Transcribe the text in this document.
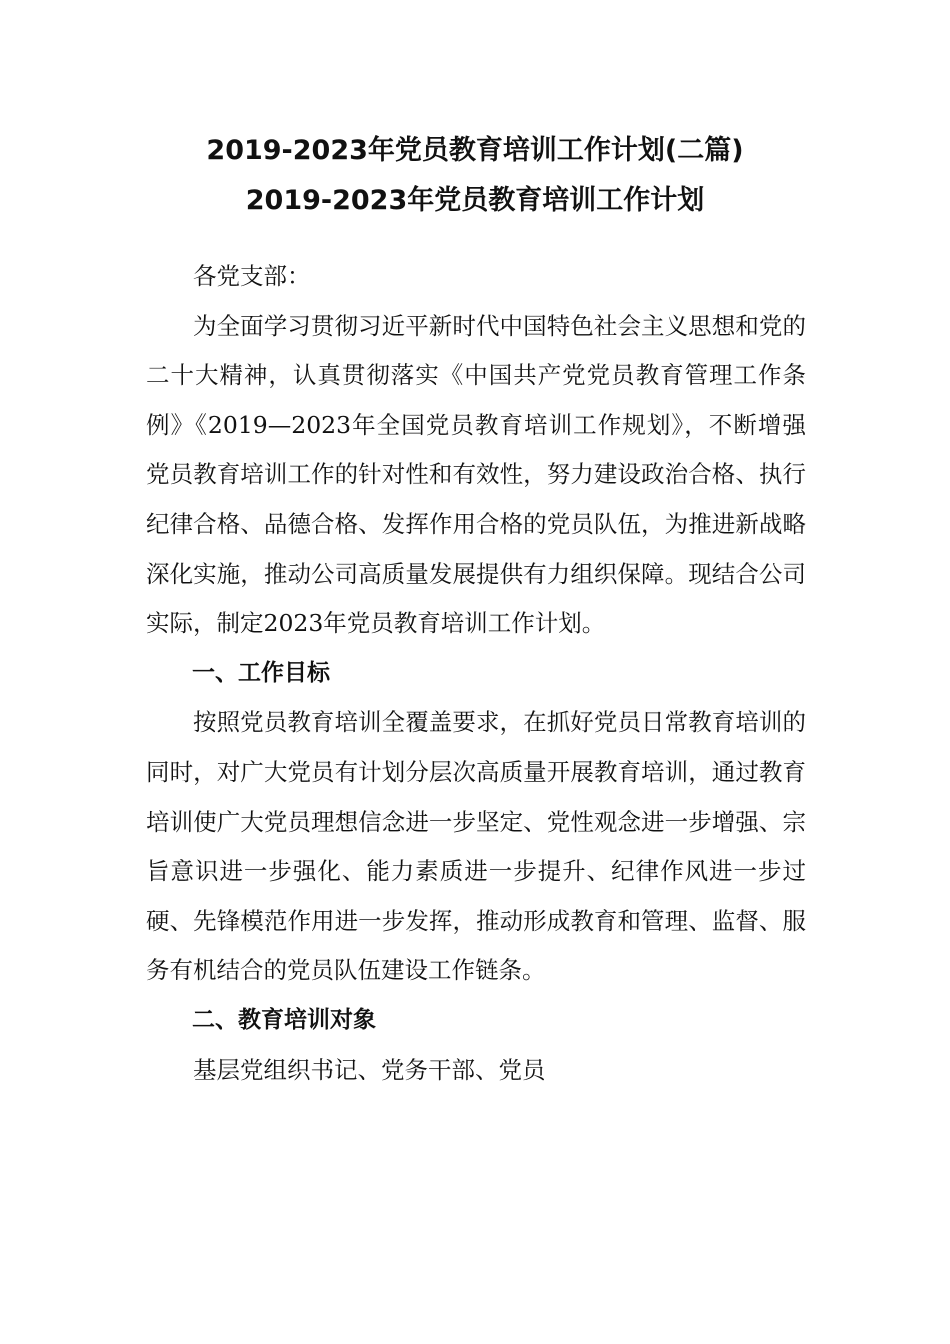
2019-2023年党员教育培训工作计划(二篇)
2019-2023年党员教育培训工作计划

各党支部：

为全面学习贯彻习近平新时代中国特色社会主义思想和党的二十大精神，认真贯彻落实《中国共产党党员教育管理工作条例》《2019—2023年全国党员教育培训工作规划》，不断增强党员教育培训工作的针对性和有效性，努力建设政治合格、执行纪律合格、品德合格、发挥作用合格的党员队伍，为推进新战略深化实施，推动公司高质量发展提供有力组织保障。现结合公司实际，制定2023年党员教育培训工作计划。

一、工作目标

按照党员教育培训全覆盖要求，在抓好党员日常教育培训的同时，对广大党员有计划分层次高质量开展教育培训，通过教育培训使广大党员理想信念进一步坚定、党性观念进一步增强、宗旨意识进一步强化、能力素质进一步提升、纪律作风进一步过硬、先锋模范作用进一步发挥，推动形成教育和管理、监督、服务有机结合的党员队伍建设工作链条。

二、教育培训对象

基层党组织书记、党务干部、党员
